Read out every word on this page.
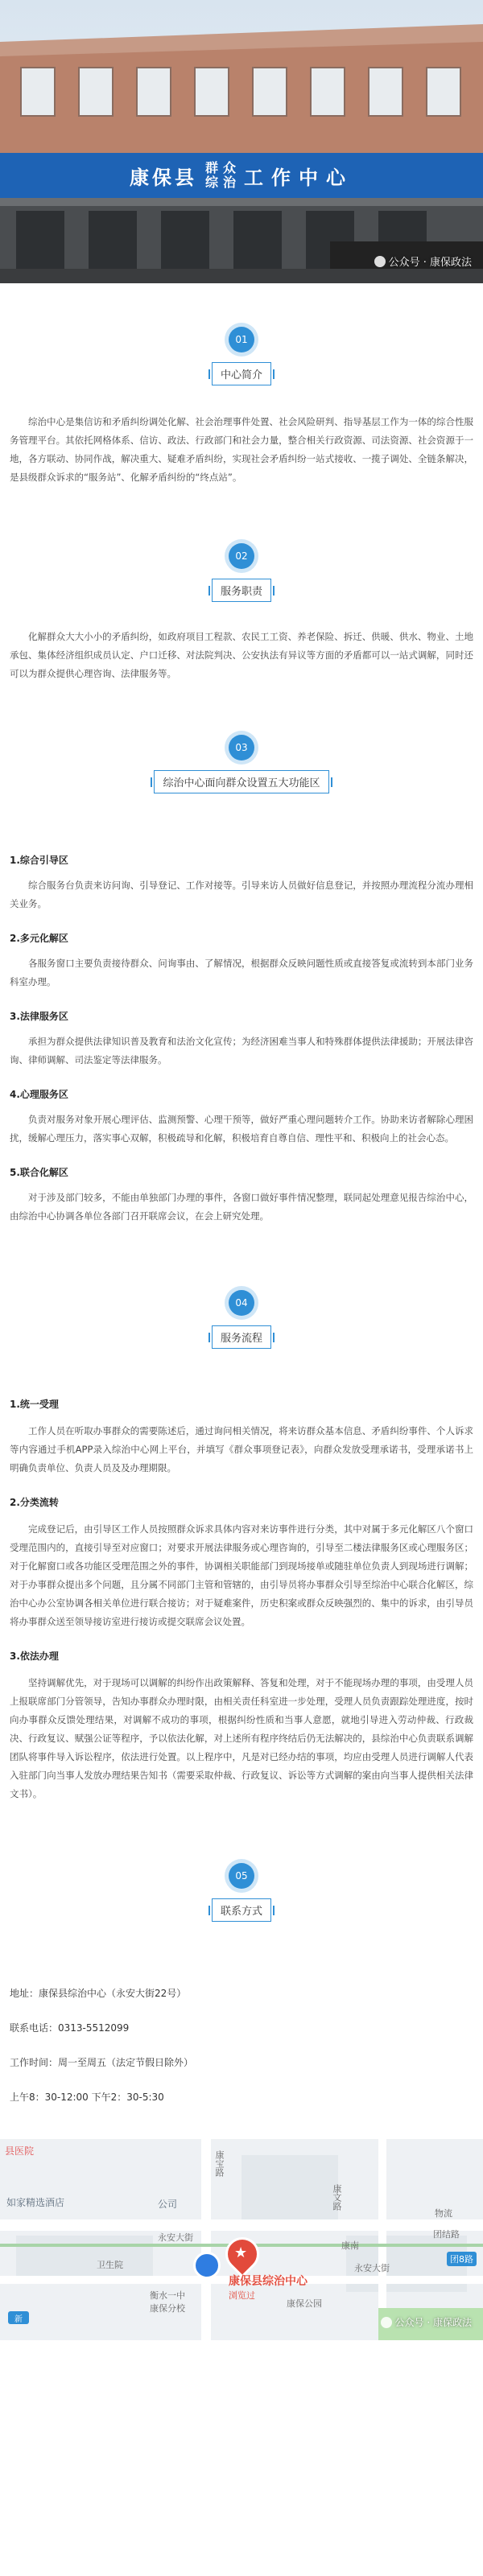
康保县 群 众
综 治 工作中心
公众号 · 康保政法
01
中心简介

综治中心是集信访和矛盾纠纷调处化解、社会治理事件处置、社会风险研判、指导基层工作为一体的综合性服务管理平台。其依托网格体系、信访、政法、行政部门和社会力量，整合相关行政资源、司法资源、社会资源于一地，各方联动、协同作战，解决重大、疑难矛盾纠纷，实现社会矛盾纠纷一站式接收、一揽子调处、全链条解决，是县级群众诉求的“服务站”、化解矛盾纠纷的“终点站”。

02
服务职责

化解群众大大小小的矛盾纠纷，如政府项目工程款、农民工工资、养老保险、拆迁、供暖、供水、物业、土地承包、集体经济组织成员认定、户口迁移、对法院判决、公安执法有异议等方面的矛盾都可以一站式调解，同时还可以为群众提供心理咨询、法律服务等。

03
综治中心面向群众设置五大功能区
1.综合引导区

综合服务台负责来访问询、引导登记、工作对接等。引导来访人员做好信息登记，并按照办理流程分流办理相关业务。

2.多元化解区

各服务窗口主要负责接待群众、问询事由、了解情况，根据群众反映问题性质或直接答复或流转到本部门业务科室办理。

3.法律服务区

承担为群众提供法律知识普及教育和法治文化宣传；为经济困难当事人和特殊群体提供法律援助；开展法律咨询、律师调解、司法鉴定等法律服务。

4.心理服务区

负责对服务对象开展心理评估、监测预警、心理干预等，做好严重心理问题转介工作。协助来访者解除心理困扰，缓解心理压力，落实事心双解，积极疏导和化解，积极培育自尊自信、理性平和、积极向上的社会心态。

5.联合化解区

对于涉及部门较多，不能由单独部门办理的事件，各窗口做好事件情况整理，联同起处理意见报告综治中心，由综治中心协调各单位各部门召开联席会议，在会上研究处理。

04
服务流程
1.统一受理

工作人员在听取办事群众的需要陈述后，通过询问相关情况，将来访群众基本信息、矛盾纠纷事件、个人诉求等内容通过手机APP录入综治中心网上平台，并填写《群众事项登记表》，向群众发放受理承诺书，受理承诺书上明确负责单位、负责人员及及办理期限。

2.分类流转

完成登记后，由引导区工作人员按照群众诉求具体内容对来访事件进行分类，其中对属于多元化解区八个窗口受理范围内的，直接引导至对应窗口；对要求开展法律服务或心理咨询的，引导至二楼法律服务区或心理服务区；对于化解窗口或各功能区受理范围之外的事件，协调相关职能部门到现场接单或随驻单位负责人到现场进行调解；对于办事群众提出多个问题，且分属不同部门主管和管辖的，由引导员将办事群众引导至综治中心联合化解区，综治中心办公室协调各相关单位进行联合接访；对于疑难案件，历史积案或群众反映强烈的、集中的诉求，由引导员将办事群众送至领导接访室进行接访或提交联席会议处置。

3.依法办理

坚持调解优先，对于现场可以调解的纠纷作出政策解释、答复和处理，对于不能现场办理的事项，由受理人员上报联席部门分管领导，告知办事群众办理时限，由相关责任科室进一步处理，受理人员负责跟踪处理进度，按时向办事群众反馈处理结果，对调解不成功的事项，根据纠纷性质和当事人意愿，就地引导进入劳动仲裁、行政裁决、行政复议、赋强公证等程序，予以依法化解，对上述所有程序终结后仍无法解决的，县综治中心负责联系调解团队将事件导入诉讼程序，依法进行处置。以上程序中，凡是对已经办结的事项，均应由受理人员进行调解人代表入驻部门向当事人发放办理结果告知书（需要采取仲裁、行政复议、诉讼等方式调解的案由向当事人提供相关法律文书）。

05
联系方式
地址：康保县综治中心（永安大街22号）
联系电话：0313-5512099
工作时间：周一至周五（法定节假日除外）
上午8：30-12:00 下午2：30-5:30
县医院
如家精选酒店
康宝路
康文路
公司
永安大街
物流
团结路
卫生院
衡水一中
康保分校	康保公园
康南
永安大街
★
康保县综治中心
浏览过
新
团8路
公众号 · 康保政法
